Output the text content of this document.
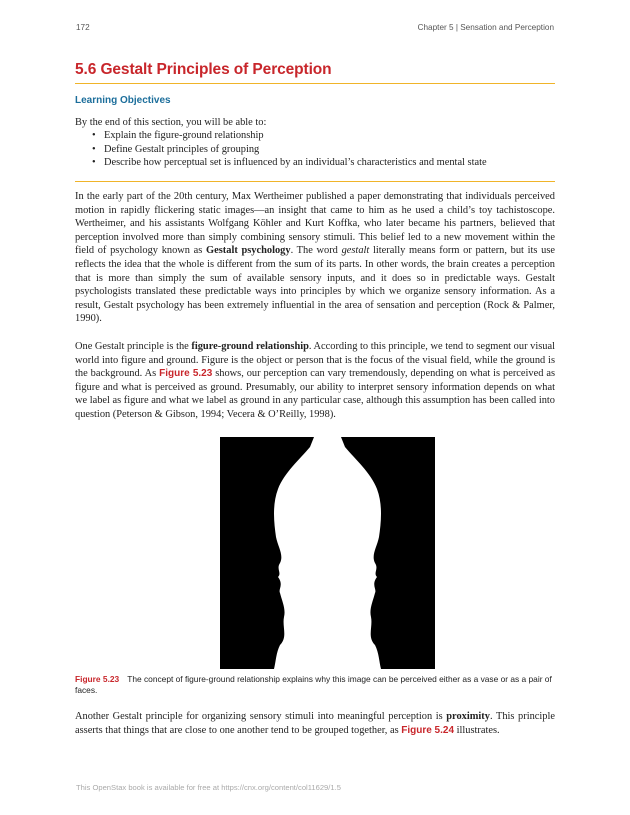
172	Chapter 5 | Sensation and Perception
5.6 Gestalt Principles of Perception
Learning Objectives
By the end of this section, you will be able to:
• Explain the figure-ground relationship
• Define Gestalt principles of grouping
• Describe how perceptual set is influenced by an individual’s characteristics and mental state

In the early part of the 20th century, Max Wertheimer published a paper demonstrating that individuals perceived motion in rapidly flickering static images—an insight that came to him as he used a child’s toy tachistoscope. Wertheimer, and his assistants Wolfgang Köhler and Kurt Koffka, who later became his partners, believed that perception involved more than simply combining sensory stimuli. This belief led to a new movement within the field of psychology known as Gestalt psychology. The word gestalt literally means form or pattern, but its use reflects the idea that the whole is different from the sum of its parts. In other words, the brain creates a perception that is more than simply the sum of available sensory inputs, and it does so in predictable ways. Gestalt psychologists translated these predictable ways into principles by which we organize sensory information. As a result, Gestalt psychology has been extremely influential in the area of sensation and perception (Rock & Palmer, 1990).

One Gestalt principle is the figure-ground relationship. According to this principle, we tend to segment our visual world into figure and ground. Figure is the object or person that is the focus of the visual field, while the ground is the background. As Figure 5.23 shows, our perception can vary tremendously, depending on what is perceived as figure and what is perceived as ground. Presumably, our ability to interpret sensory information depends on what we label as figure and what we label as ground in any particular case, although this assumption has been called into question (Peterson & Gibson, 1994; Vecera & O’Reilly, 1998).

Figure 5.23 The concept of figure-ground relationship explains why this image can be perceived either as a vase or as a pair of faces.

Another Gestalt principle for organizing sensory stimuli into meaningful perception is proximity. This principle asserts that things that are close to one another tend to be grouped together, as Figure 5.24 illustrates.

This OpenStax book is available for free at https://cnx.org/content/col11629/1.5
